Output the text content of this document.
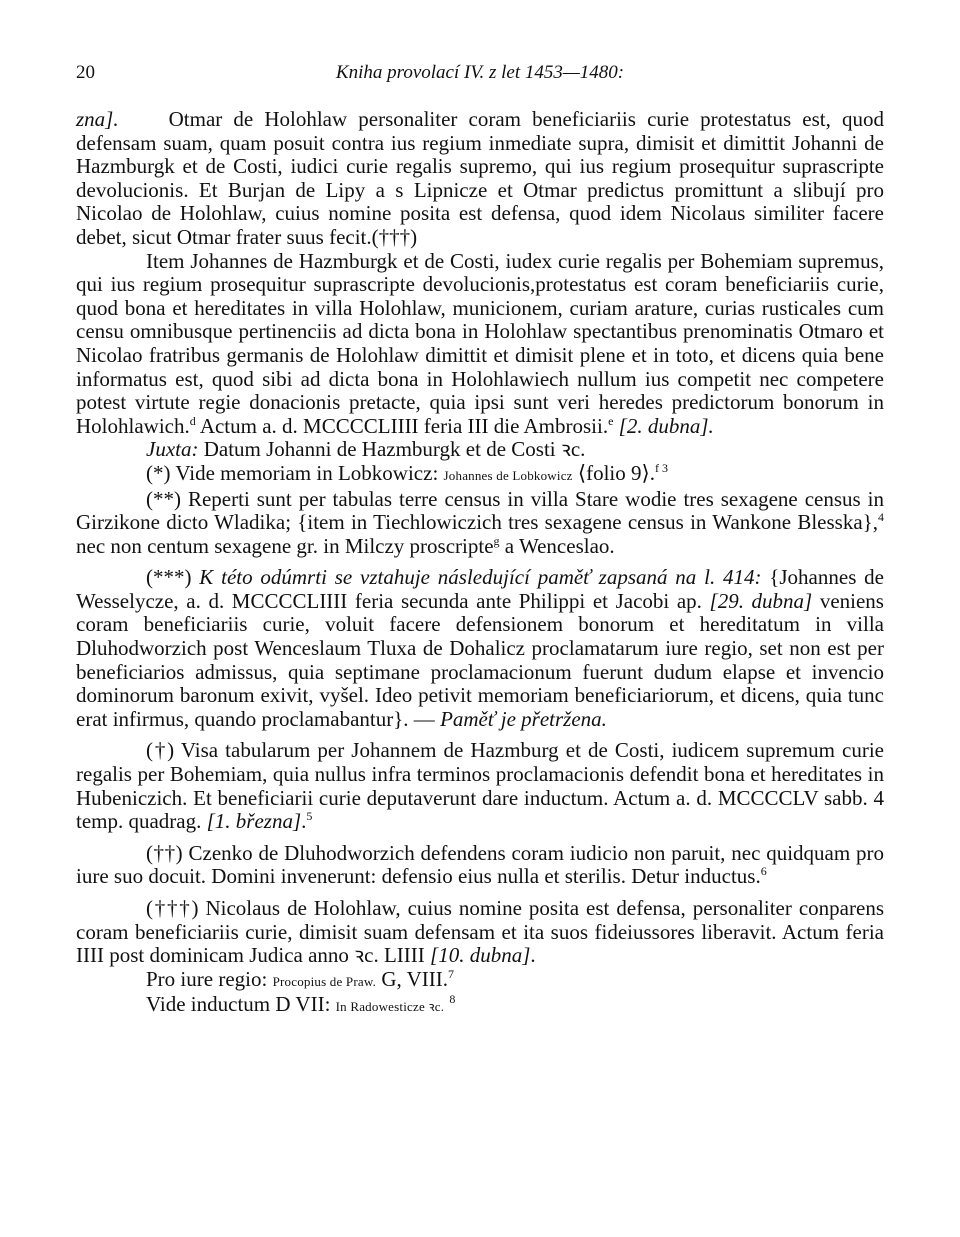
20	Kniha provolací IV. z let 1453—1480:

zna]. Otmar de Holohlaw personaliter coram beneficiariis curie protestatus est, quod defensam suam, quam posuit contra ius regium inmediate supra, dimisit et dimittit Johanni de Hazmburgk et de Costi, iudici curie regalis supremo, qui ius regium prosequitur suprascripte devolucionis. Et Burjan de Lipy a s Lipnicze et Otmar predictus promittunt a slibují pro Nicolao de Holohlaw, cuius nomine posita est defensa, quod idem Nicolaus similiter facere debet, sicut Otmar frater suus fecit.(†††)

Item Johannes de Hazmburgk et de Costi, iudex curie regalis per Bohemiam supremus, qui ius regium prosequitur suprascripte devolucionis,protestatus est coram beneficiariis curie, quod bona et hereditates in villa Holohlaw, municionem, curiam arature, curias rusticales cum censu omnibusque pertinenciis ad dicta bona in Holohlaw spectantibus prenominatis Otmaro et Nicolao fratribus germanis de Holohlaw dimittit et dimisit plene et in toto, et dicens quia bene informatus est, quod sibi ad dicta bona in Holohlawiech nullum ius competit nec competere potest virtute regie donacionis pretacte, quia ipsi sunt veri heredes predictorum bonorum in Holohlawich.$^d$ Actum a. d. MCCCCLIIII feria III die Ambrosii.$^e$ [2. dubna].

Juxta: Datum Johanni de Hazmburgk et de Costi ꝛc.

(*) Vide memoriam in Lobkowicz: Johannes de Lobkowicz ⟨folio 9⟩.$^{f 3}$

(**) Reperti sunt per tabulas terre census in villa Stare wodie tres sexagene census in Girzikone dicto Wladika; {item in Tiechlowiczich tres sexagene census in Wankone Blesska},$^4$ nec non centum sexagene gr. in Milczy proscripte$^g$ a Wenceslao.

(***) K této odúmrti se vztahuje následující paměť zapsaná na l. 414: {Johannes de Wesselycze, a. d. MCCCCLIIII feria secunda ante Philippi et Jacobi ap. [29. dubna] veniens coram beneficiariis curie, voluit facere defensionem bonorum et hereditatum in villa Dluhodworzich post Wenceslaum Tluxa de Dohalicz proclamatarum iure regio, set non est per beneficiarios admissus, quia septimane proclamacionum fuerunt dudum elapse et invencio dominorum baronum exivit, vyšel. Ideo petivit memoriam beneficiariorum, et dicens, quia tunc erat infirmus, quando proclamabantur}. — Paměť je přetržena.

(†) Visa tabularum per Johannem de Hazmburg et de Costi, iudicem supremum curie regalis per Bohemiam, quia nullus infra terminos proclamacionis defendit bona et hereditates in Hubeniczich. Et beneficiarii curie deputaverunt dare inductum. Actum a. d. MCCCCLV sabb. 4 temp. quadrag. [1. března].$^5$

(††) Czenko de Dluhodworzich defendens coram iudicio non paruit, nec quidquam pro iure suo docuit. Domini invenerunt: defensio eius nulla et sterilis. Detur inductus.$^6$

(†††) Nicolaus de Holohlaw, cuius nomine posita est defensa, personaliter conparens coram beneficiariis curie, dimisit suam defensam et ita suos fideiussores liberavit. Actum feria IIII post dominicam Judica anno ꝛc. LIIII [10. dubna].

Pro iure regio: Procopius de Praw. G, VIII.$^7$

Vide inductum D VII: In Radowesticze ꝛc. $^8$
